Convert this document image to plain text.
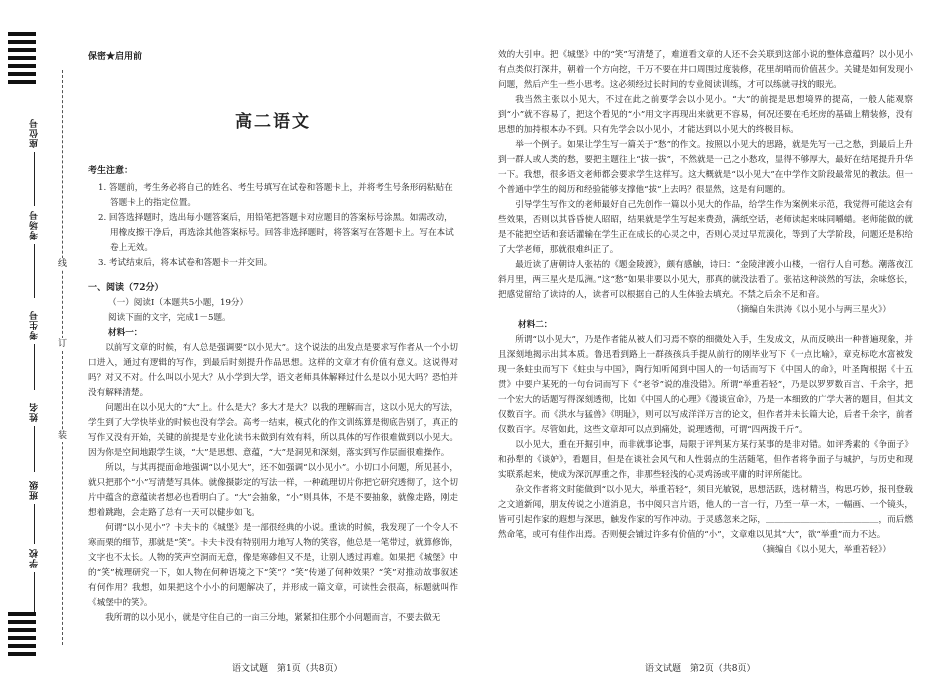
线
订
装
座位号
考场号
考生号
姓名
班级
学校
保密★启用前
高二语文
考生注意：
1. 答题前，考生务必将自己的姓名、考生号填写在试卷和答题卡上，并将考生号条形码粘贴在答题卡上的指定位置。
2. 回答选择题时，选出每小题答案后，用铅笔把答题卡对应题目的答案标号涂黑。如需改动，用橡皮擦干净后，再选涂其他答案标号。回答非选择题时，将答案写在答题卡上。写在本试卷上无效。
3. 考试结束后，将本试卷和答题卡一并交回。
一、阅读（72分）
（一）阅读Ⅰ（本题共5小题，19分）
阅读下面的文字，完成1－5题。
材料一：

以前写文章的时候，有人总是强调要“以小见大”。这个说法的出发点是要求写作者从一个小切口进入，通过有逻辑的写作，到最后时刻提升作品思想。这样的文章才有价值有意义。这说得对吗？对又不对。什么叫以小见大？从小学到大学，语文老师具体解释过什么是以小见大吗？恐怕并没有解释清楚。

问题出在以小见大的“大”上。什么是大？多大才是大？以我的理解而言，这以小见大的写法，学生到了大学快毕业的时候也没有学会。高考一结束，模式化的作文训练算是彻底告别了，真正的写作又没有开始，关键的前提是专业化读书未做到有效有料，所以具体的写作很难做到以小见大。因为你是空间地跟学生谈，“大”是思想、意蕴，“大”是洞见和深刻，落实到写作层面很难操作。

所以，与其再提面命地强调“以小见大”，还不如强调“以小见小”。小切口小问题，所见甚小，就只把那个“小”写清楚写具体。就像摄影定的写法一样，一种疏理切片你把它研究透彻了，这个切片中蕴含的意蕴读者想必也看明白了。“大”会抽象，“小”则具体，不是不要抽象，就像走路，刚走想着跳跑，会走路了总有一天可以健步如飞。

何谓“以小见小”？卡夫卡的《城堡》是一部很经典的小说。重读的时候，我发现了一个令人不寒而栗的细节，那就是“笑”。卡夫卡没有特别用力地写人物的笑容，他总是一笔带过，就算修饰，文字也不太长。人物的笑声空洞而无意，像是寒碜但又不是，让别人透过再难。如果把《城堡》中的“笑”梳理研究一下，如人物在何种语境之下“笑”？“笑”传递了何种效果？“笑”对推动故事叙述有何作用？我想，如果把这个小小的问题解决了，并形成一篇文章，可读性会很高，标题就叫作《城堡中的笑》。

我所谓的以小见小，就是守住自己的一亩三分地，紧紧扣住那个小问题而言，不要去做无

效的大引申。把《城堡》中的“笑”写清楚了，难道看文章的人还不会关联到这部小说的整体意蕴吗？以小见小有点类似打深井，朝着一个方向挖，千万不要在井口周围过度装修，花里胡哨而价值甚少。关键是如何发现小问题，然后产生一些小思考。这必须经过长时间的专业阅读训练，才可以练就寻找的眼光。

我当然主张以小见大，不过在此之前要学会以小见小。“大”的前提是思想境界的提高，一般人能观察到“小”就不容易了，把这个看见的“小”用文字再现出来就更不容易，何况还要在毛坯房的基础上精装修，没有思想的加持根本办不到。只有先学会以小见小，才能达到以小见大的终极目标。

举一个例子。如果让学生写一篇关于“愁”的作文。按照以小见大的思路，就是先写一己之愁，到最后上升到一群人或人类的愁，要把主题往上“拔一拔”，不然就是一己之小愁攻，显得不够厚大，最好在结尾提升升华一下。我想，很多语文老师都会要求学生这样写。这大概就是“以小见大”在中学作文阶段最常见的教法。但一个普通中学生的阅历和经验能够支撑他“拔”上去吗？很显然，这是有问题的。

引导学生写作文的老师最好自己先创作一篇以小见大的作品，给学生作为案例来示范，我觉得可能这会有些效果，否则以其昏昏使人昭昭，结果就是学生写起来费劲，满纸空话，老师读起来味同嚼蜡。老师能做的就是不能把空话和套话灌输在学生正在成长的心灵之中，否则心灵过早荒漠化，等到了大学阶段，问题还是积给了大学老师，那就很难纠正了。

最近读了唐朝诗人张祜的《题金陵渡》，颇有感触，诗曰：“金陵津渡小山楼，一宿行人自可愁。潮落夜江斜月里，两三星火是瓜洲。”这“愁”如果非要以小见大，那真的就没法看了。张祜这种淡然的写法，余味悠长，把感觉留给了读诗的人，读者可以根据自己的人生体验去填充。不禁之后余不足和音。

（摘编自朱洪涛《以小见小与两三星火》）
材料二：

所谓“以小见大”，乃是作者能从被人们习焉不察的细微处入手，生发成文，从而反映出一种普遍现象，并且深刻地揭示出其本质。鲁迅看到路上一群孩孩兵手提从前行的刚毕业写下《一点比喻》，章克标吃水富被发现一条蛀虫而写下《蛀虫与中国》，陶行知听闻到中国人的一句话而写下《中国人的命》，叶圣陶根据《十五贯》中要户某死的一句台词而写下《“老爷”说的准没错》。所谓“举重若轻”，乃是以罗罗数百言、千余字，把一个宏大的话题写得深刻透彻，比如《中国人的心理》《漫谈宣命》，乃是一本细致的广学大著的题目，但其文仅数百字。而《洪水与猛兽》《明耻》，则可以写成洋洋万言的论文，但作者并未长篇大论，后者千余字，前者仅数百字。尽管如此，这些文章却可以点到痛处，说理透彻，可谓“四两拨千斤”。

以小见大，重在开掘引申，而非就事论事，局限于评判某方某行某事的是非对错。如评秀素的《争面子》和孙犁的《谈妒》，看题目，但是在谈社会风气和人性弱点的生活随笔，但作者将争面子与城护，与历史和现实联系起来，使成为深沉厚重之作，非那些轻浅的心灵鸡汤或平庸的时评所能比。

杂文作者将文时能做到“以小见大，举重若轻”，须目光敏锐，思想活跃，选材精当，构思巧妙，报刊登载之文道新闻，朋友传说之小道消息，书中阅只言片语，他人的一言一行，乃至一草一木，一幅画、一个镜头，皆可引起作家的遐想与深思，触发作家的写作冲动。于灵感忽来之际，＿＿＿＿＿＿＿＿＿＿＿＿＿，而后燃然命笔，或可有佳作出焉。否则便会铺过许多有价值的“小”，文章难以见其“大”，欲“举重”而力不达。

（摘编自《以小见大，举重若轻》）
语文试题　第1页（共8页）	语文试题　第2页（共8页）
